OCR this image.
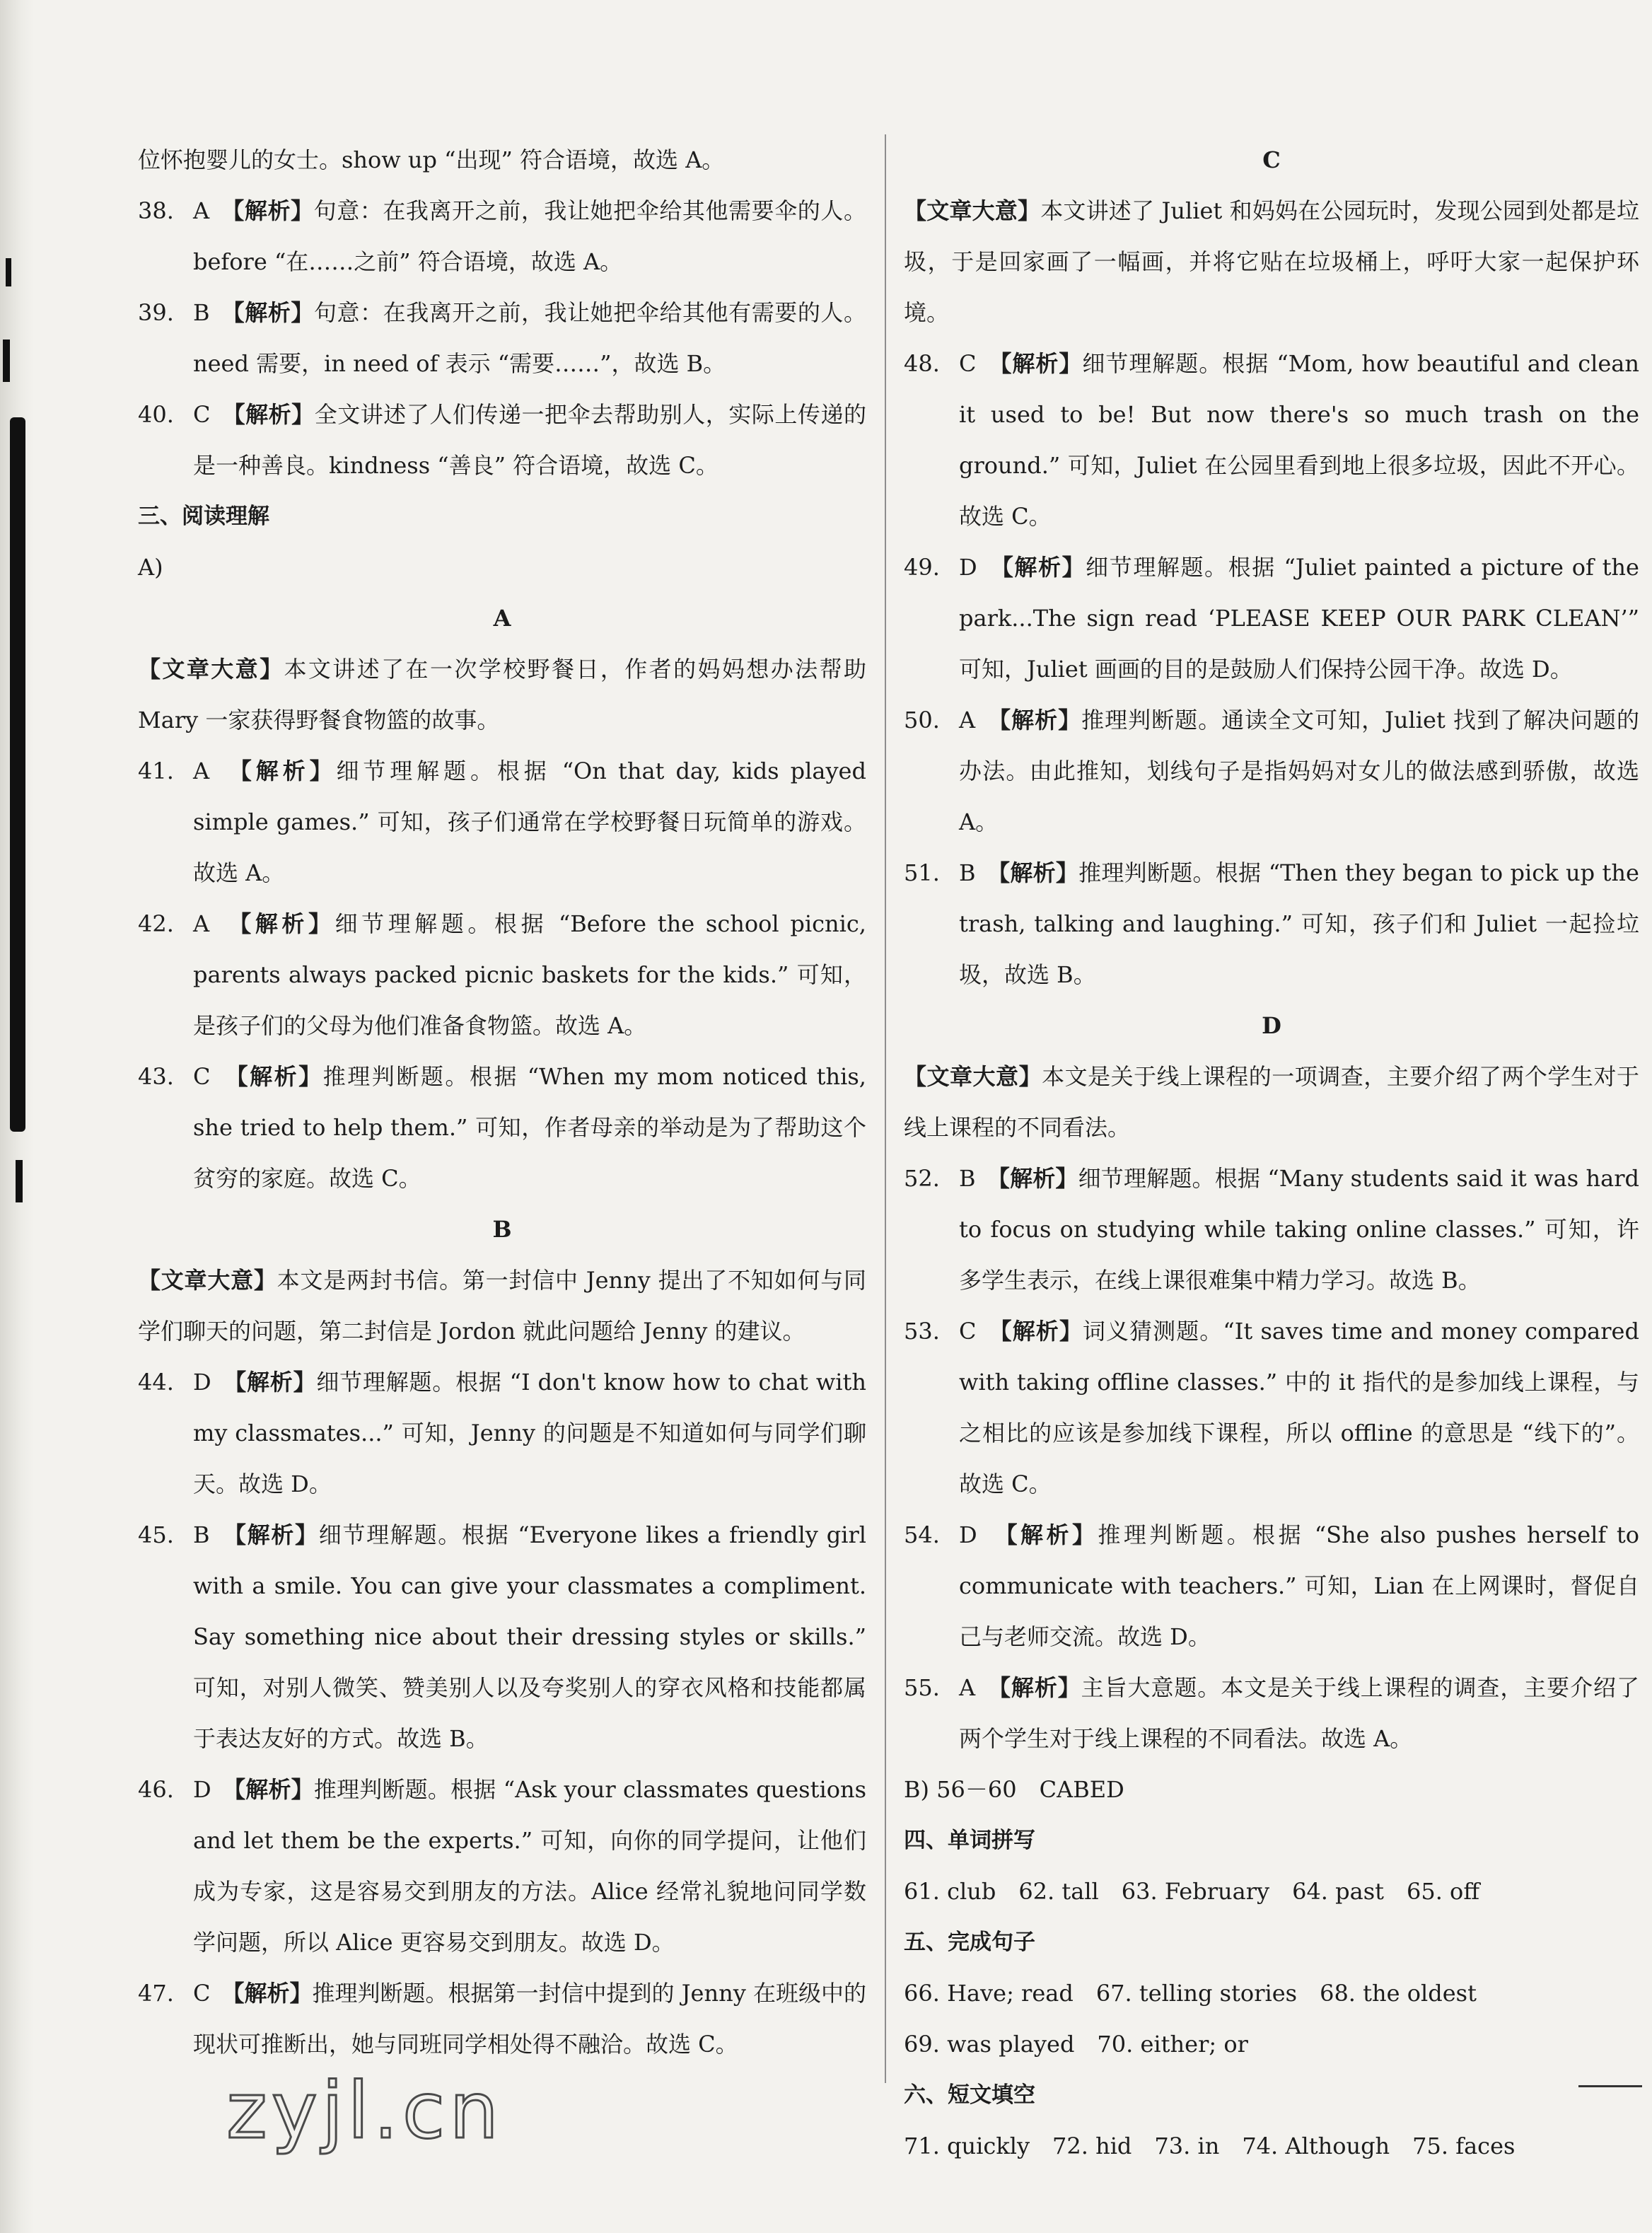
位怀抱婴儿的女士。show up “出现” 符合语境，故选 A。

38. A　 【解析】句意：在我离开之前，我让她把伞给其他需要伞的人。before “在……之前” 符合语境，故选 A。
39. B　 【解析】句意：在我离开之前，我让她把伞给其他有需要的人。need 需要，in need of 表示 “需要……”，故选 B。
40. C　 【解析】全文讲述了人们传递一把伞去帮助别人，实际上传递的是一种善良。kindness “善良” 符合语境，故选 C。

三、阅读理解

A)

A

【文章大意】本文讲述了在一次学校野餐日，作者的妈妈想办法帮助 Mary 一家获得野餐食物篮的故事。

41. A　 【解析】细节理解题。根据 “On that day, kids played simple games.” 可知，孩子们通常在学校野餐日玩简单的游戏。故选 A。
42. A　 【解析】细节理解题。根据 “Before the school picnic, parents always packed picnic baskets for the kids.” 可知，是孩子们的父母为他们准备食物篮。故选 A。
43. C　 【解析】推理判断题。根据 “When my mom noticed this, she tried to help them.” 可知，作者母亲的举动是为了帮助这个贫穷的家庭。故选 C。

B

【文章大意】本文是两封书信。第一封信中 Jenny 提出了不知如何与同学们聊天的问题，第二封信是 Jordon 就此问题给 Jenny 的建议。

44. D　 【解析】细节理解题。根据 “I don't know how to chat with my classmates...” 可知，Jenny 的问题是不知道如何与同学们聊天。故选 D。
45. B　 【解析】细节理解题。根据 “Everyone likes a friendly girl with a smile. You can give your classmates a compliment. Say something nice about their dressing styles or skills.” 可知，对别人微笑、赞美别人以及夸奖别人的穿衣风格和技能都属于表达友好的方式。故选 B。
46. D　 【解析】推理判断题。根据 “Ask your classmates questions and let them be the experts.” 可知，向你的同学提问，让他们成为专家，这是容易交到朋友的方法。Alice 经常礼貌地问同学数学问题，所以 Alice 更容易交到朋友。故选 D。
47. C　 【解析】推理判断题。根据第一封信中提到的 Jenny 在班级中的现状可推断出，她与同班同学相处得不融洽。故选 C。

C

【文章大意】本文讲述了 Juliet 和妈妈在公园玩时，发现公园到处都是垃圾，于是回家画了一幅画，并将它贴在垃圾桶上，呼吁大家一起保护环境。

48. C　 【解析】细节理解题。根据 “Mom, how beautiful and clean it used to be! But now there's so much trash on the ground.” 可知，Juliet 在公园里看到地上很多垃圾，因此不开心。故选 C。
49. D　 【解析】细节理解题。根据 “Juliet painted a picture of the park...The sign read ‘PLEASE KEEP OUR PARK CLEAN’” 可知，Juliet 画画的目的是鼓励人们保持公园干净。故选 D。
50. A　 【解析】推理判断题。通读全文可知，Juliet 找到了解决问题的办法。由此推知，划线句子是指妈妈对女儿的做法感到骄傲，故选 A。
51. B　 【解析】推理判断题。根据 “Then they began to pick up the trash, talking and laughing.” 可知，孩子们和 Juliet 一起捡垃圾，故选 B。

D

【文章大意】本文是关于线上课程的一项调查，主要介绍了两个学生对于线上课程的不同看法。

52. B　 【解析】细节理解题。根据 “Many students said it was hard to focus on studying while taking online classes.” 可知，许多学生表示，在线上课很难集中精力学习。故选 B。
53. C　 【解析】词义猜测题。“It saves time and money compared with taking offline classes.” 中的 it 指代的是参加线上课程，与之相比的应该是参加线下课程，所以 offline 的意思是 “线下的”。故选 C。
54. D　 【解析】推理判断题。根据 “She also pushes herself to communicate with teachers.” 可知，Lian 在上网课时，督促自己与老师交流。故选 D。
55. A　 【解析】主旨大意题。本文是关于线上课程的调查，主要介绍了两个学生对于线上课程的不同看法。故选 A。

B) 56－60　CABED

四、单词拼写

61. club　62. tall　63. February　64. past　65. off

五、完成句子

66. Have; read　67. telling stories　68. the oldest

69. was played　70. either; or

六、短文填空

71. quickly　72. hid　73. in　74. Although　75. faces

zyjl.cn
